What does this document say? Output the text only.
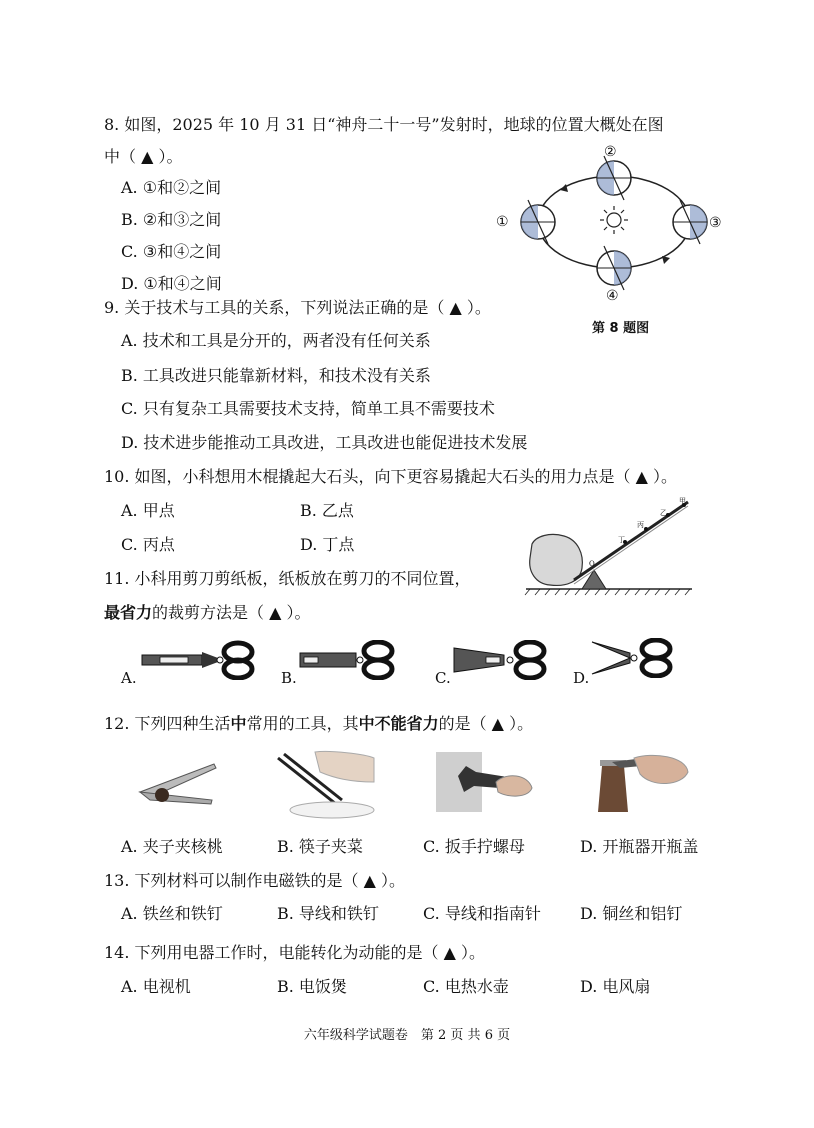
8. 如图，2025 年 10 月 31 日“神舟二十一号”发射时，地球的位置大概处在图
中（ ▲ ）。
A. ①和②之间
B. ②和③之间
C. ③和④之间
D. ①和④之间
②
①	③
④
第 8 题图
9. 关于技术与工具的关系，下列说法正确的是（ ▲ ）。
A. 技术和工具是分开的，两者没有任何关系
B. 工具改进只能靠新材料，和技术没有关系
C. 只有复杂工具需要技术支持，简单工具不需要技术
D. 技术进步能推动工具改进，工具改进也能促进技术发展
10. 如图，小科想用木棍撬起大石头，向下更容易撬起大石头的用力点是（ ▲ ）。
A. 甲点	B. 乙点
C. 丙点	D. 丁点
O
丁
丙
乙
甲
11. 小科用剪刀剪纸板，纸板放在剪刀的不同位置，
最省力的裁剪方法是（ ▲ ）。
A.	B.	C.	D.
12. 下列四种生活中常用的工具，其中不能省力的是（ ▲ ）。
A. 夹子夹核桃	B. 筷子夹菜	C. 扳手拧螺母	D. 开瓶器开瓶盖
13. 下列材料可以制作电磁铁的是（ ▲ ）。
A. 铁丝和铁钉	B. 导线和铁钉	C. 导线和指南针 D. 铜丝和铝钉
14. 下列用电器工作时，电能转化为动能的是（ ▲ ）。
A. 电视机	B. 电饭煲	C. 电热水壶	D. 电风扇
六年级科学试题卷　第 2 页 共 6 页
